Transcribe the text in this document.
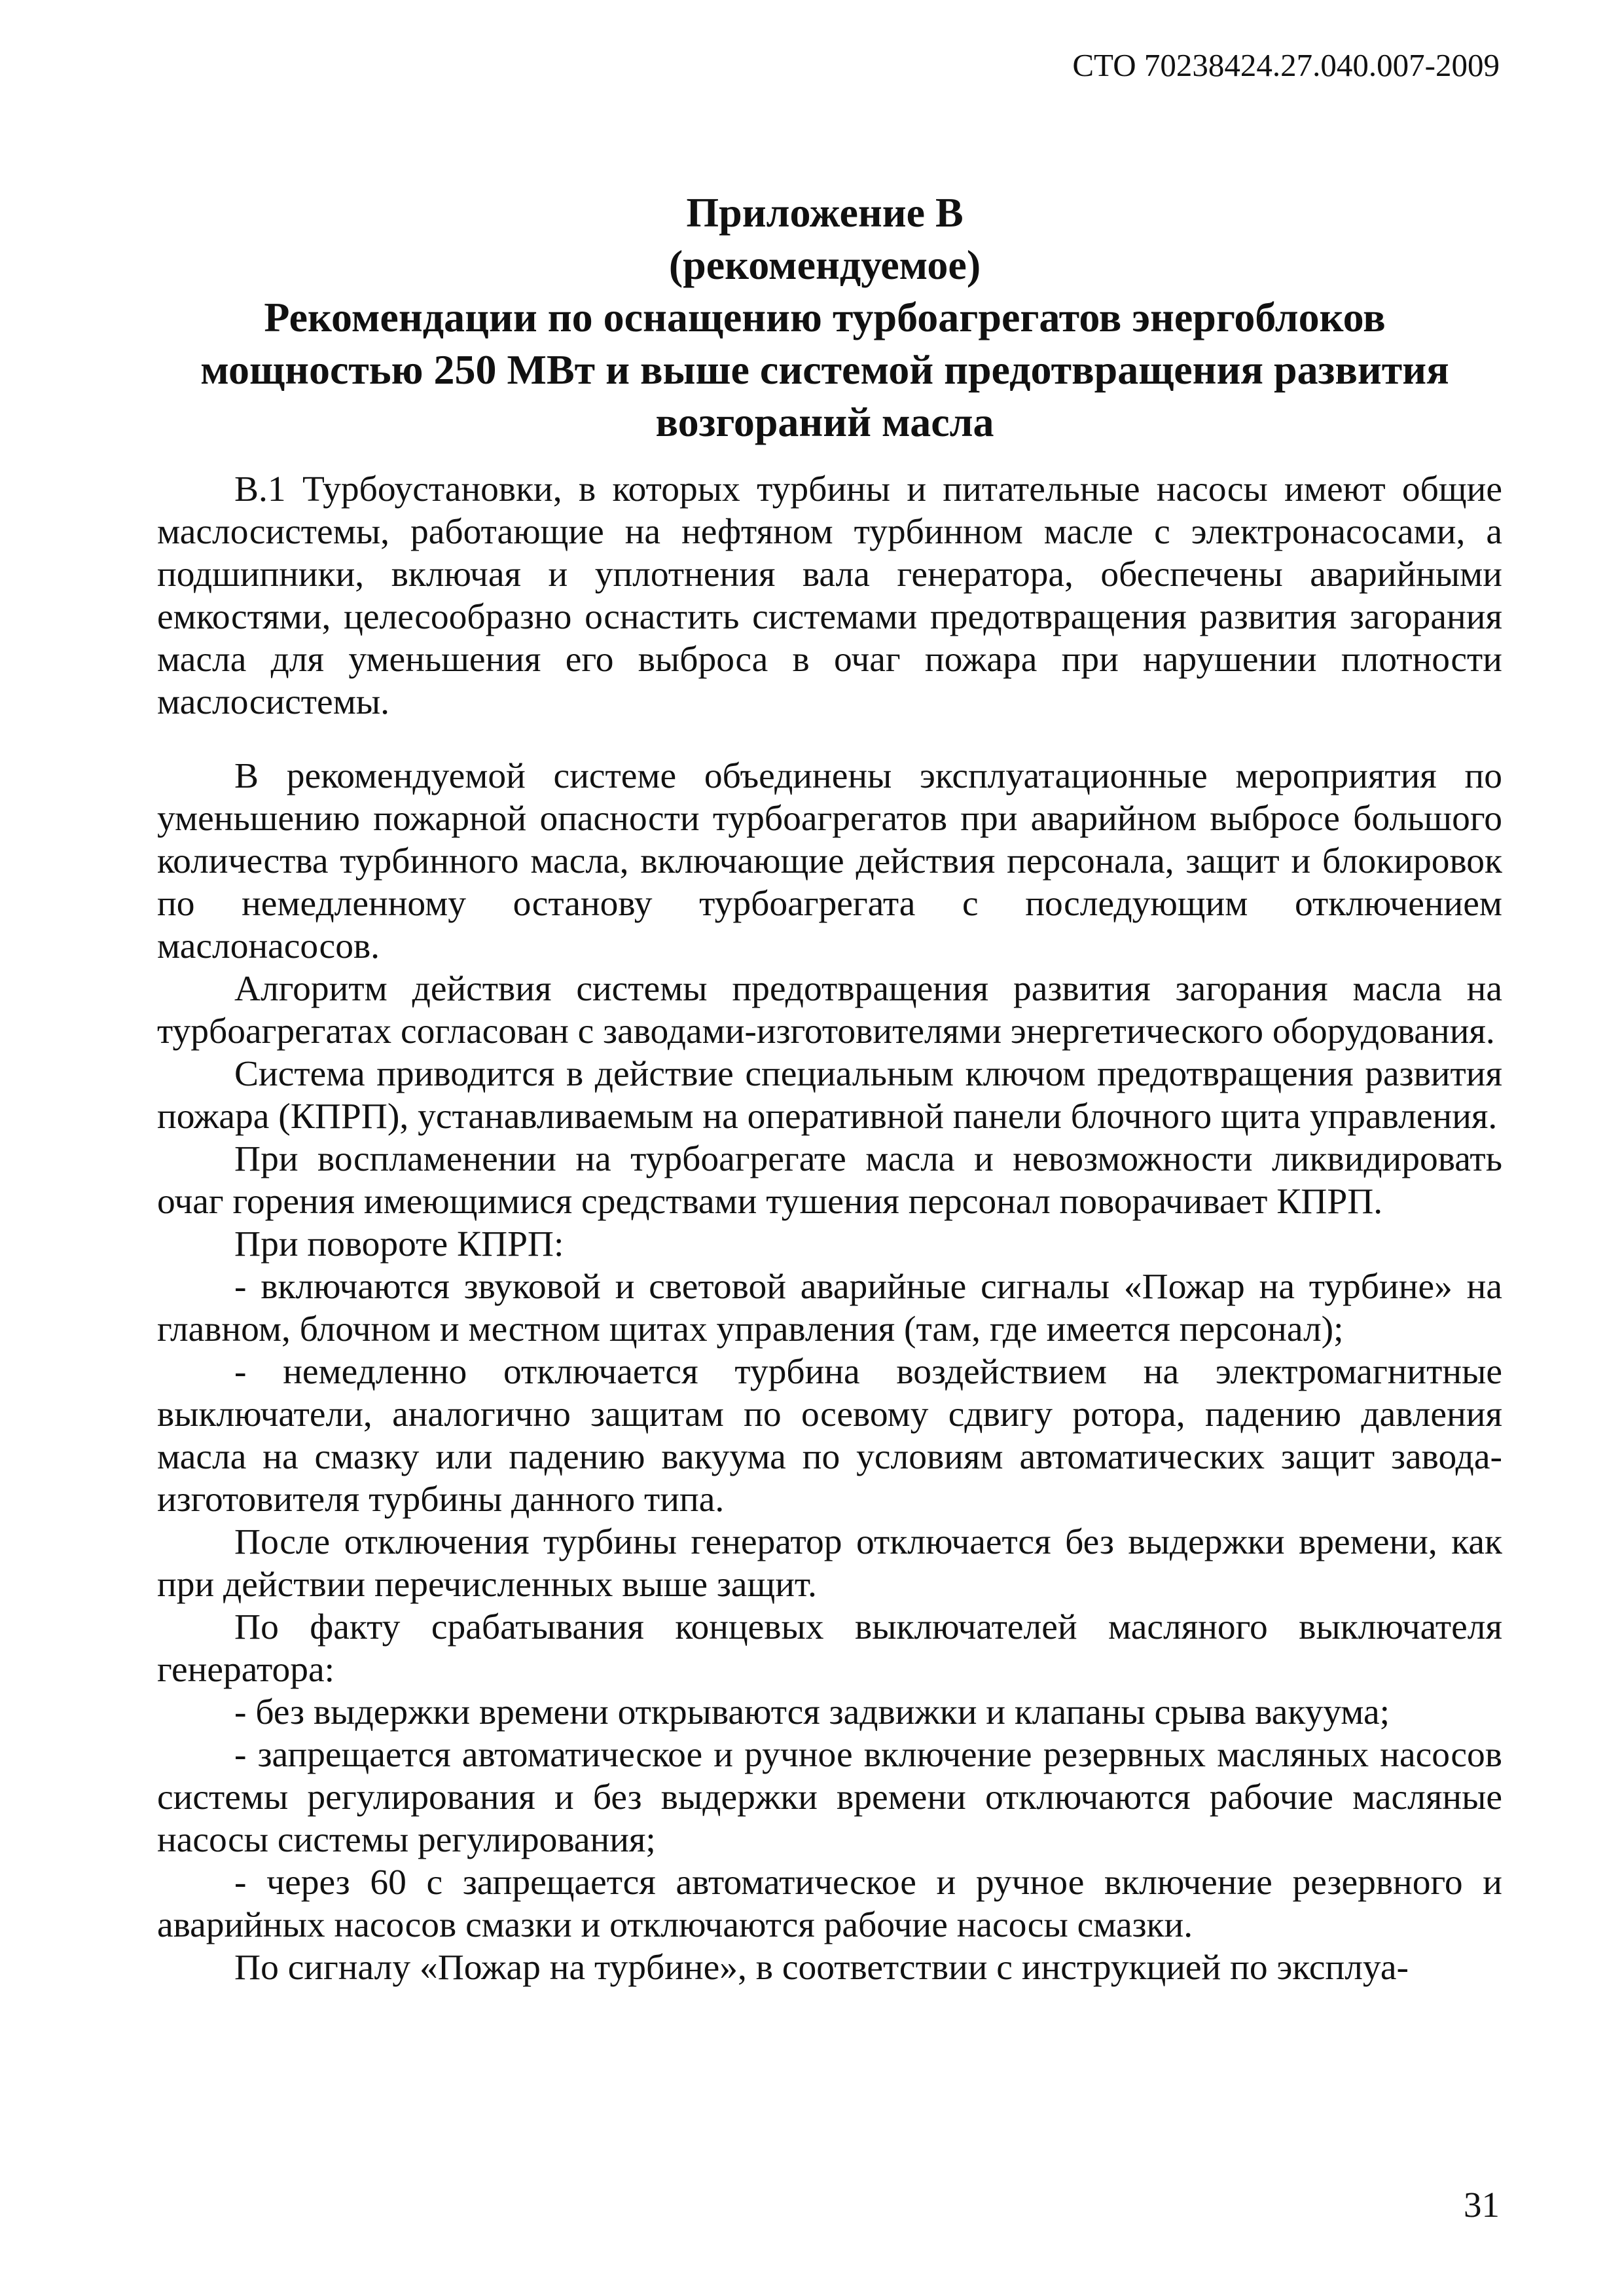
СТО 70238424.27.040.007-2009
Приложение В
(рекомендуемое)
Рекомендации по оснащению турбоагрегатов энергоблоков
мощностью 250 МВт и выше системой предотвращения развития
возгораний масла

В.1 Турбоустановки, в которых турбины и питательные насосы имеют общие маслосистемы, работающие на нефтяном турбинном масле с электронасосами, а подшипники, включая и уплотнения вала генератора, обеспечены аварийными емкостями, целесообразно оснастить системами предотвращения развития загорания масла для уменьшения его выброса в очаг пожара при нарушении плотности маслосистемы.

В рекомендуемой системе объединены эксплуатационные мероприятия по уменьшению пожарной опасности турбоагрегатов при аварийном выбросе большого количества турбинного масла, включающие действия персонала, защит и блокировок по немедленному останову турбоагрегата с последующим отключением маслонасосов.

Алгоритм действия системы предотвращения развития загорания масла на турбоагрегатах согласован с заводами-изготовителями энергетического оборудования.

Система приводится в действие специальным ключом предотвращения развития пожара (КПРП), устанавливаемым на оперативной панели блочного щита управления.

При воспламенении на турбоагрегате масла и невозможности ликвидировать очаг горения имеющимися средствами тушения персонал поворачивает КПРП.

При повороте КПРП:

- включаются звуковой и световой аварийные сигналы «Пожар на турбине» на главном, блочном и местном щитах управления (там, где имеется персонал);

- немедленно отключается турбина воздействием на электромагнитные выключатели, аналогично защитам по осевому сдвигу ротора, падению давления масла на смазку или падению вакуума по условиям автоматических защит завода-изготовителя турбины данного типа.

После отключения турбины генератор отключается без выдержки времени, как при действии перечисленных выше защит.

По факту срабатывания концевых выключателей масляного выключателя генератора:

- без выдержки времени открываются задвижки и клапаны срыва вакуума;

- запрещается автоматическое и ручное включение резервных масляных насосов системы регулирования и без выдержки времени отключаются рабочие масляные насосы системы регулирования;

- через 60 с запрещается автоматическое и ручное включение резервного и аварийных насосов смазки и отключаются рабочие насосы смазки.

По сигналу «Пожар на турбине», в соответствии с инструкцией по эксплуа-

31
